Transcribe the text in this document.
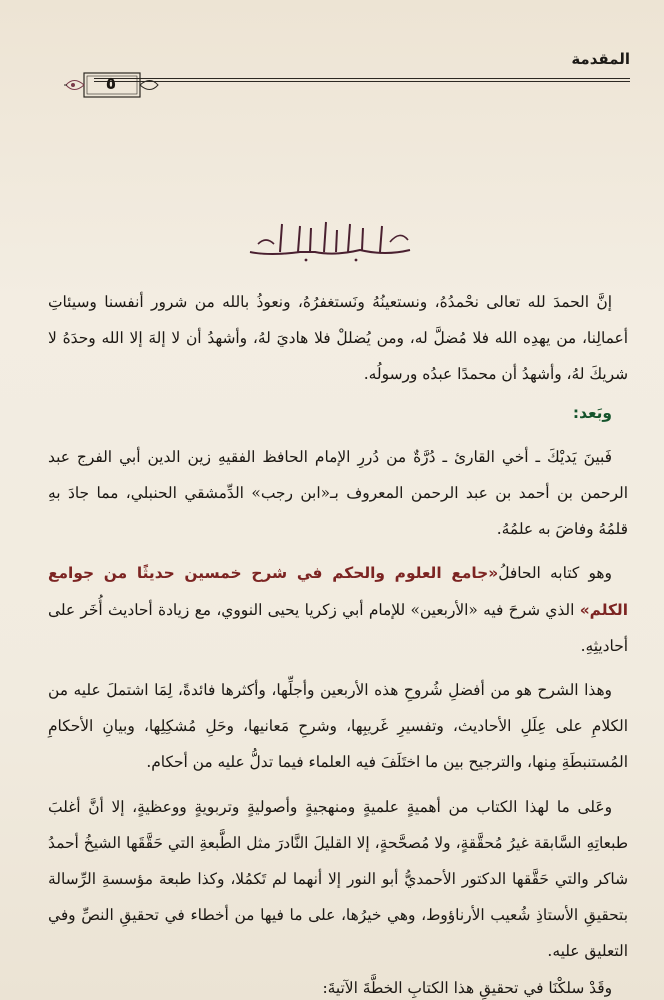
المقدمة
٥

إنَّ الحمدَ لله تعالى نحْمدُهُ، ونستعينُهُ ونَستغفرُهُ، ونعوذُ بالله من شرور أنفسنا وسيئاتِ أعمالِنا، من يهدِه الله فلا مُضلَّ له، ومن يُضللْ فلا هاديَ لهُ، وأشهدُ أن لا إلهَ إلا الله وحدَهُ لا شريكَ لهُ، وأشهدُ أن محمدًا عبدُه ورسولُه.

وبَعد:

فَبينَ يَديْكَ ـ أخي القارئ ـ دُرَّةٌ من دُررِ الإمام الحافظ الفقيهِ زين الدين أبي الفرج عبد الرحمن بن أحمد بن عبد الرحمن المعروف بـ«ابن رجب» الدِّمشقي الحنبلي، مما جادَ بهِ قلمُهُ وفاضَ به علمُهُ.

وهو كتابه الحافلُ«جامع العلوم والحكم في شرح خمسين حديثًا من جوامع الكلم» الذي شرحَ فيه «الأربعين» للإمام أبي زكريا يحيى النووي، مع زيادة أحاديث أُخَر على أحاديثِهِ.

وهذا الشرح هو من أفضلِ شُروحِ هذه الأربعين وأجلِّها، وأكثرها فائدةً، لِمَا اشتملَ عليه من الكلامِ على عِلَلِ الأحاديث، وتفسيرِ غَريبِها، وشرحِ مَعانيها، وحَلِ مُشكِلِها، وبيانِ الأحكامِ المُستنبطَةِ مِنها، والترجيح بين ما اختَلَفَ فيه العلماء فيما تدلُّ عليه من أحكام.

وعَلى ما لهذا الكتاب من أهميةٍ علميةٍ ومنهجيةٍ وأصوليةٍ وتربويةٍ ووعظيةٍ، إلا أنَّ أغلبَ طبعاتِهِ السَّابقة غيرُ مُحقَّقةٍ، ولا مُصحَّحةٍ، إلا القليلَ النَّادرَ مثل الطَّبعةِ التي حَقَّقَها الشيخُ أحمدُ شاكر والتي حَقَّقها الدكتور الأحمديُّ أبو النور إلا أنهما لم تَكمُلا، وكذا طبعة مؤسسةِ الرِّسالة بتحقيقِ الأستاذِ شُعيب الأرناؤوط، وهي خيرُها، على ما فيها من أخطاء في تحقيقِ النصِّ وفي التعليق عليه.

وقَدْ سلكْنَا في تحقيقِ هذا الكتابِ الخطَّةَ الآتيةَ:
